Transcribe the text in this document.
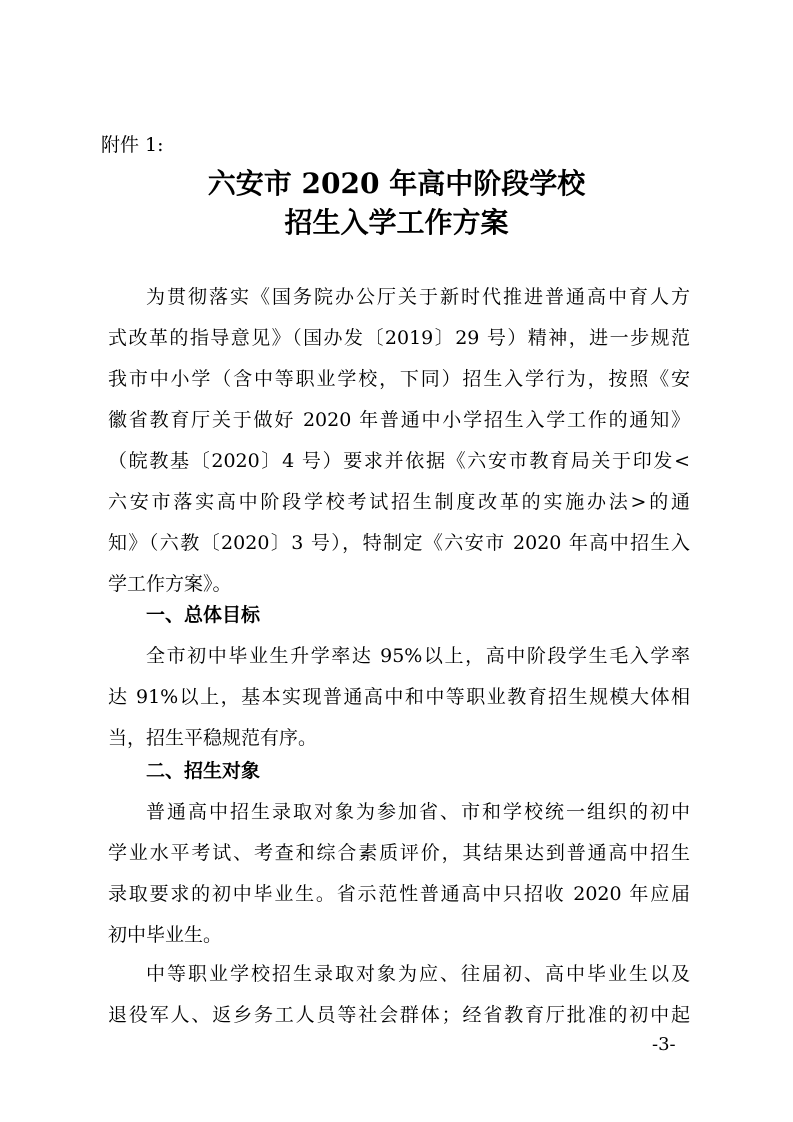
附件 1:
六安市 2020 年高中阶段学校
招生入学工作方案
为贯彻落实《国务院办公厅关于新时代推进普通高中育人方
式改革的指导意见》（国办发〔2019〕29 号）精神，进一步规范
我市中小学（含中等职业学校，下同）招生入学行为，按照《安
徽省教育厅关于做好 2020 年普通中小学招生入学工作的通知》
（皖教基〔2020〕4 号）要求并依据《六安市教育局关于印发<
六安市落实高中阶段学校考试招生制度改革的实施办法>的通
知》（六教〔2020〕3 号），特制定《六安市 2020 年高中招生入
学工作方案》。
一、总体目标
全市初中毕业生升学率达 95%以上，高中阶段学生毛入学率
达 91%以上，基本实现普通高中和中等职业教育招生规模大体相
当，招生平稳规范有序。
二、招生对象
普通高中招生录取对象为参加省、市和学校统一组织的初中
学业水平考试、考查和综合素质评价，其结果达到普通高中招生
录取要求的初中毕业生。省示范性普通高中只招收 2020 年应届
初中毕业生。
中等职业学校招生录取对象为应、往届初、高中毕业生以及
退役军人、返乡务工人员等社会群体；经省教育厅批准的初中起
-3-
